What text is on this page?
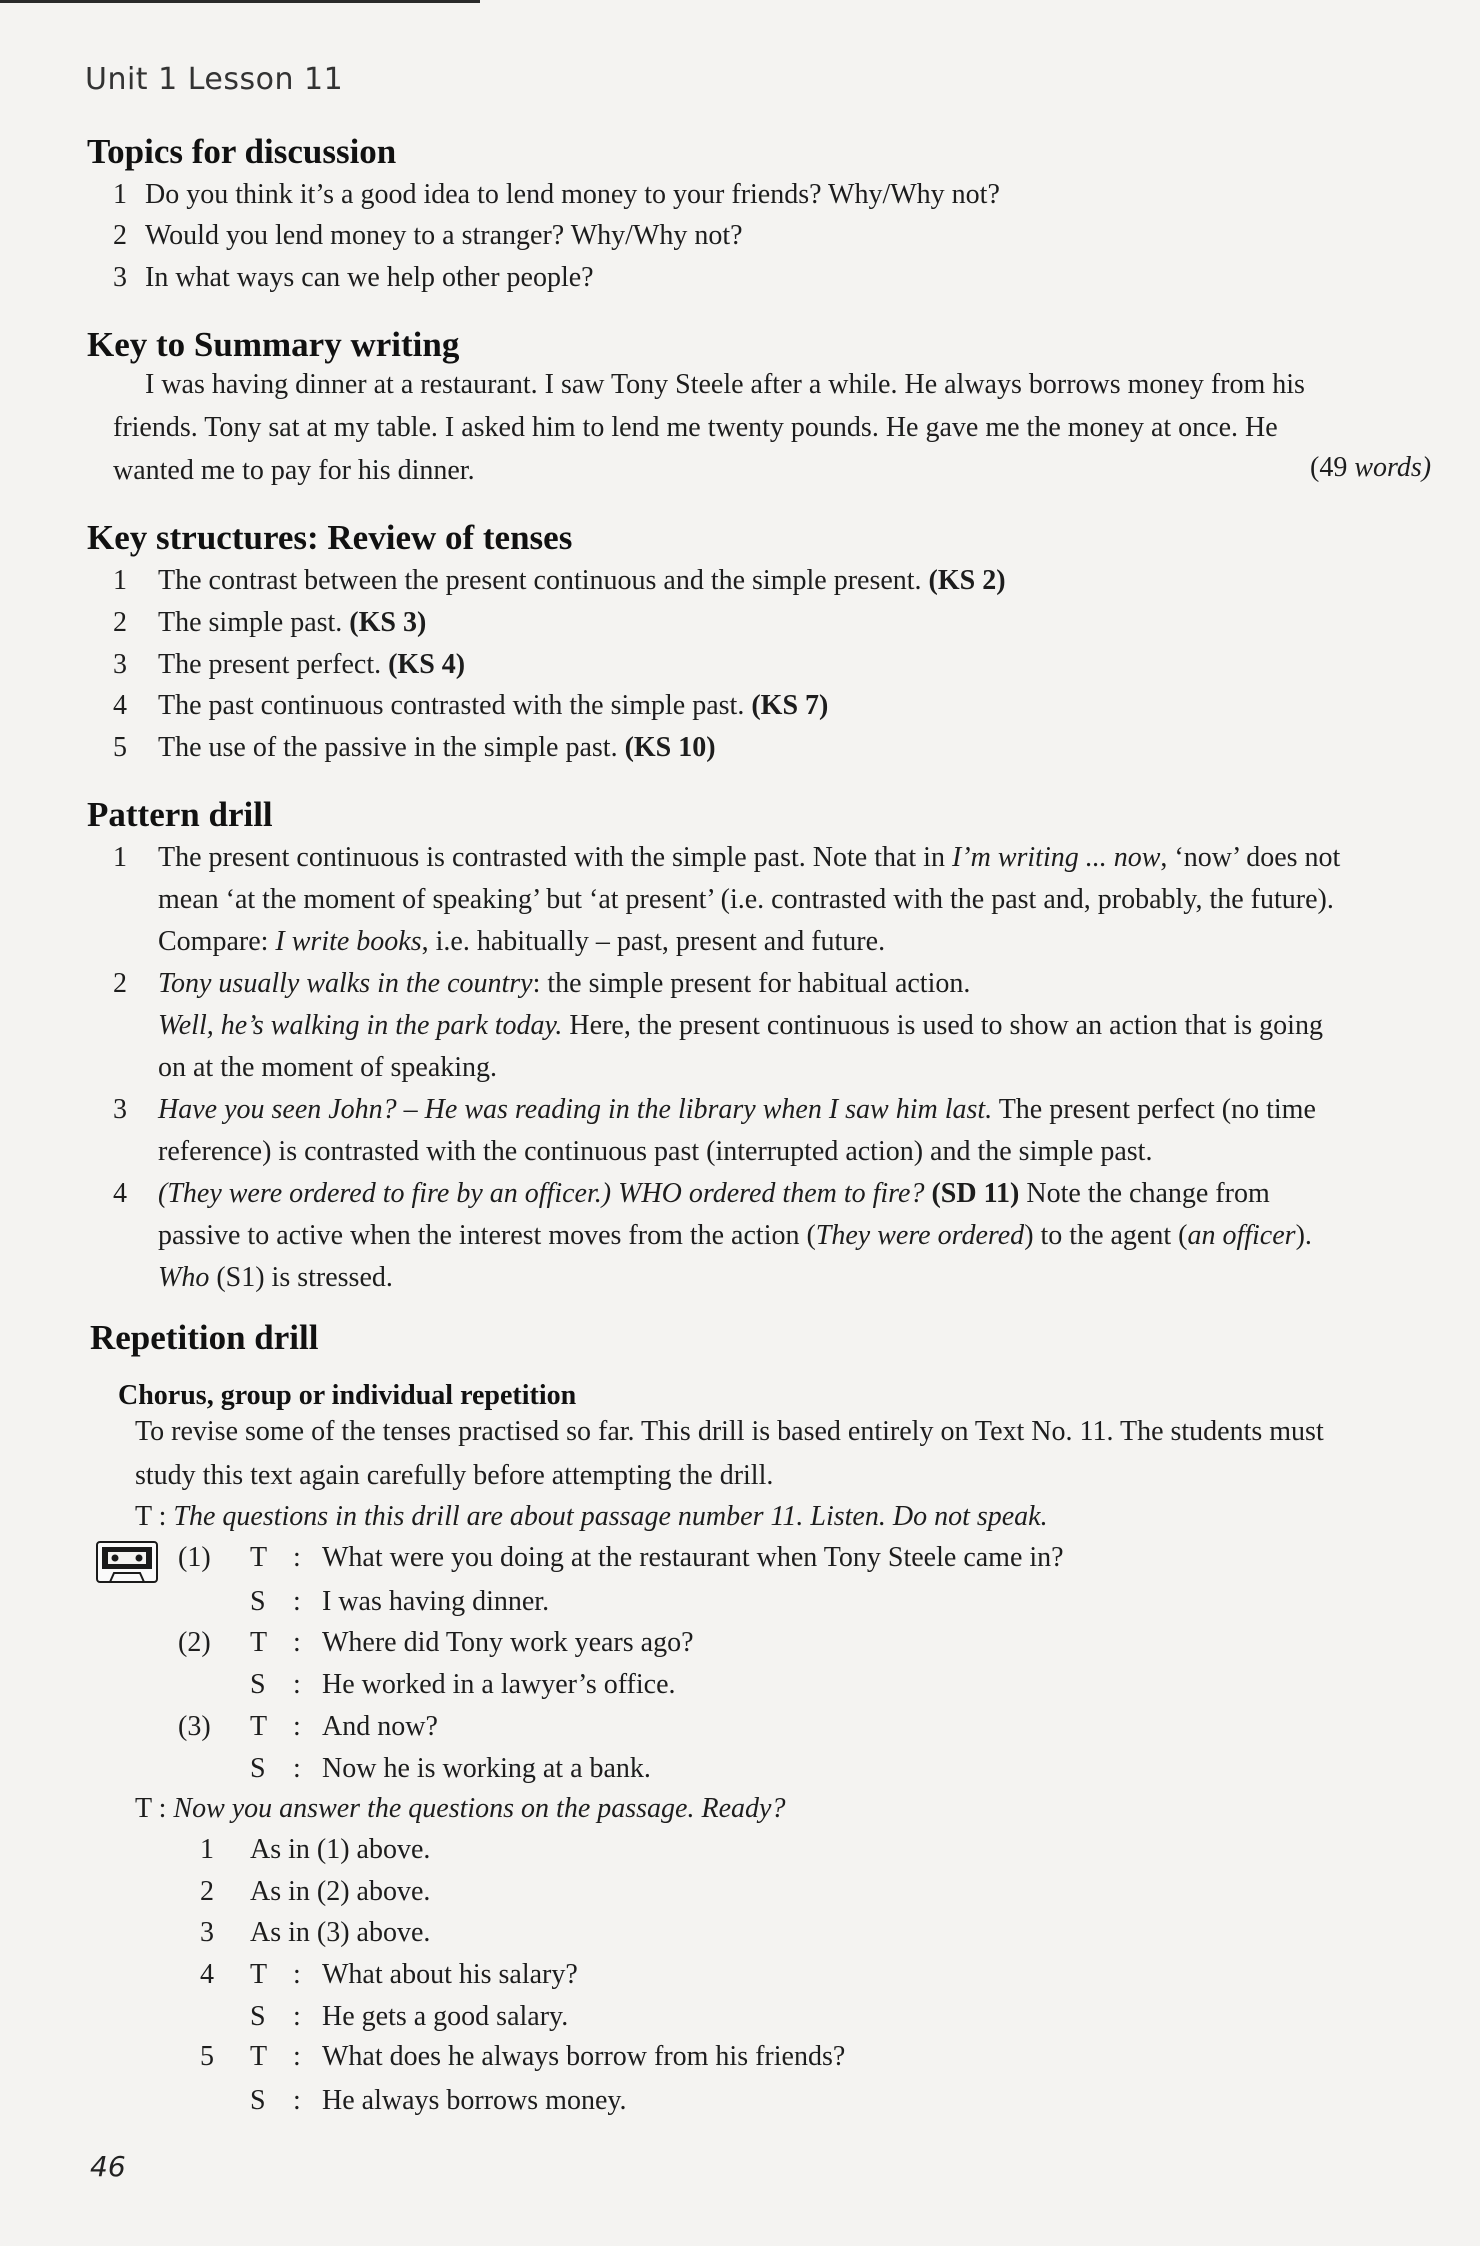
Unit 1 Lesson 11
Topics for discussion
1 Do you think it’s a good idea to lend money to your friends? Why/Why not?

2 Would you lend money to a stranger? Why/Why not?

3 In what ways can we help other people?

Key to Summary writing

I was having dinner at a restaurant. I saw Tony Steele after a while. He always borrows money from his

friends. Tony sat at my table. I asked him to lend me twenty pounds. He gave me the money at once. He

wanted me to pay for his dinner.	(49 words)

Key structures: Review of tenses
1 The contrast between the present continuous and the simple present. (KS 2)

2 The simple past. (KS 3)

3 The present perfect. (KS 4)

4 The past continuous contrasted with the simple past. (KS 7)

5 The use of the passive in the simple past. (KS 10)

Pattern drill
1 The present continuous is contrasted with the simple past. Note that in I’m writing ... now, ‘now’ does not

mean ‘at the moment of speaking’ but ‘at present’ (i.e. contrasted with the past and, probably, the future).

Compare: I write books, i.e. habitually – past, present and future.

2 Tony usually walks in the country: the simple present for habitual action.

Well, he’s walking in the park today. Here, the present continuous is used to show an action that is going

on at the moment of speaking.

3 Have you seen John? – He was reading in the library when I saw him last. The present perfect (no time

reference) is contrasted with the continuous past (interrupted action) and the simple past.

4 (They were ordered to fire by an officer.) WHO ordered them to fire? (SD 11) Note the change from

passive to active when the interest moves from the action (They were ordered) to the agent (an officer).

Who (S1) is stressed.

Repetition drill

Chorus, group or individual repetition

To revise some of the tenses practised so far. This drill is based entirely on Text No. 11. The students must

study this text again carefully before attempting the drill.

T : The questions in this drill are about passage number 11. Listen. Do not speak.

(1) T : What were you doing at the restaurant when Tony Steele came in?

S : I was having dinner.

(2) T : Where did Tony work years ago?

S : He worked in a lawyer’s office.

(3) T : And now?

S : Now he is working at a bank.

T : Now you answer the questions on the passage. Ready?

1 As in (1) above.

2 As in (2) above.

3 As in (3) above.

4 T : What about his salary?

S : He gets a good salary.

5 T : What does he always borrow from his friends?

S : He always borrows money.

46
